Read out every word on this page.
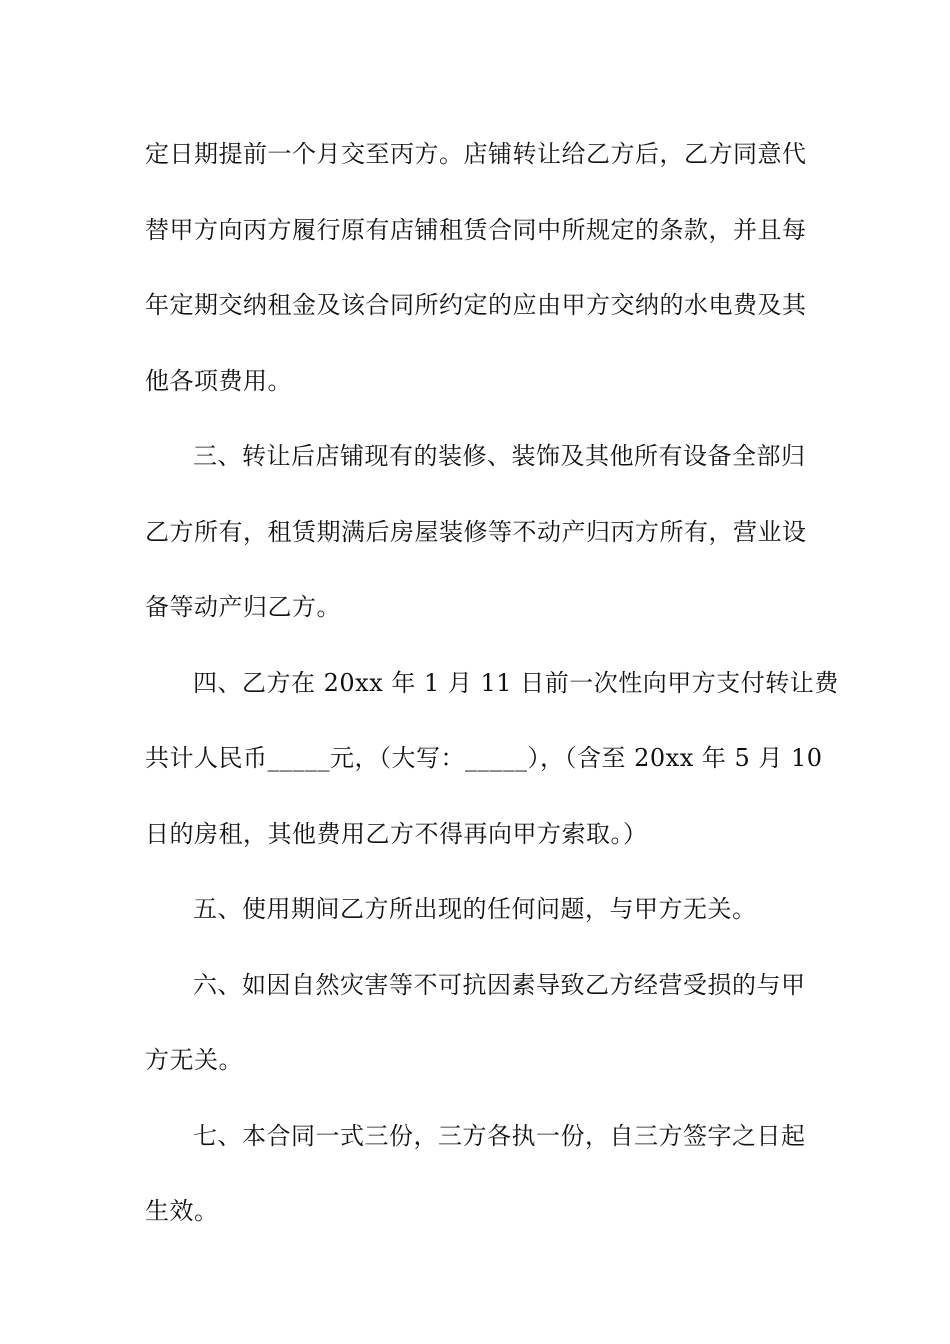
定日期提前一个月交至丙方。店铺转让给乙方后，乙方同意代
替甲方向丙方履行原有店铺租赁合同中所规定的条款，并且每
年定期交纳租金及该合同所约定的应由甲方交纳的水电费及其
他各项费用。
三、转让后店铺现有的装修、装饰及其他所有设备全部归
乙方所有，租赁期满后房屋装修等不动产归丙方所有，营业设
备等动产归乙方。
四、乙方在 20xx 年 1 月 11 日前一次性向甲方支付转让费
共计人民币_____元，（大写：_____），（含至 20xx 年 5 月 10
日的房租，其他费用乙方不得再向甲方索取。）
五、使用期间乙方所出现的任何问题，与甲方无关。
六、如因自然灾害等不可抗因素导致乙方经营受损的与甲
方无关。
七、本合同一式三份，三方各执一份，自三方签字之日起
生效。
